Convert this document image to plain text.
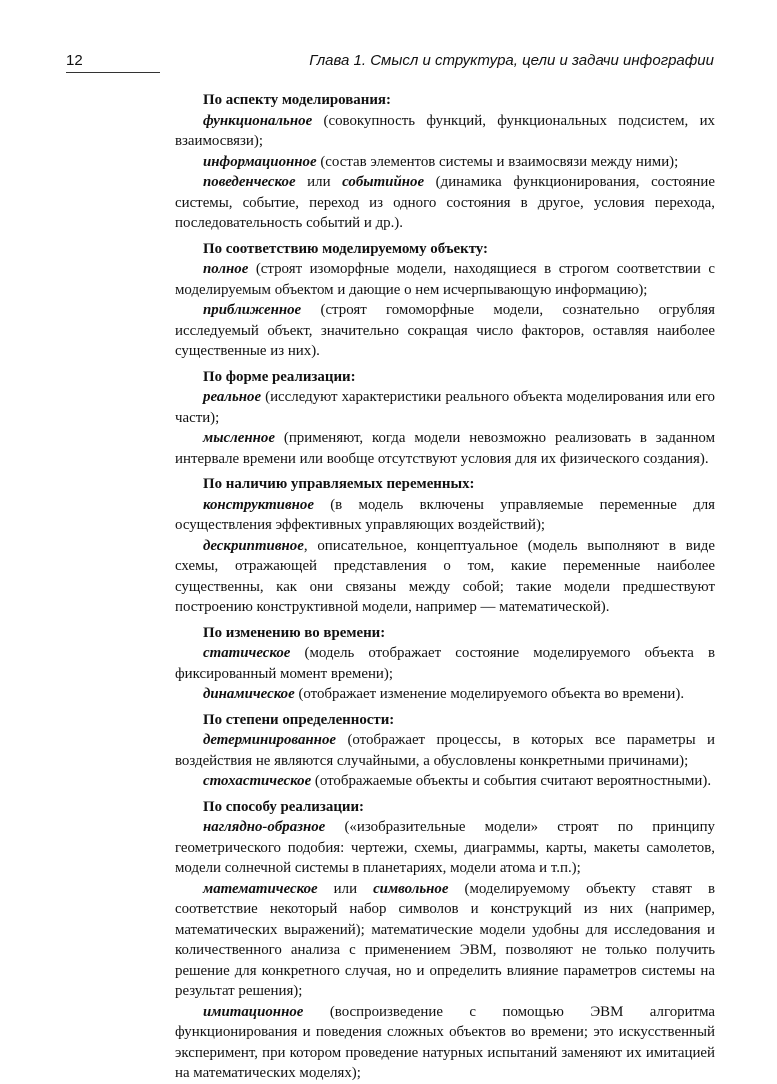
12	Глава 1. Смысл и структура, цели и задачи инфографии

По аспекту моделирования:

функциональное (совокупность функций, функциональных подсистем, их взаимосвязи);

информационное (состав элементов системы и взаимосвязи между ними);

поведенческое или событийное (динамика функционирования, состояние системы, событие, переход из одного состояния в другое, условия перехода, последовательность событий и др.).

По соответствию моделируемому объекту:

полное (строят изоморфные модели, находящиеся в строгом соответствии с моделируемым объектом и дающие о нем исчерпывающую информацию);

приближенное (строят гомоморфные модели, сознательно огрубляя исследуемый объект, значительно сокращая число факторов, оставляя наиболее существенные из них).

По форме реализации:

реальное (исследуют характеристики реального объекта моделирования или его части);

мысленное (применяют, когда модели невозможно реализовать в заданном интервале времени или вообще отсутствуют условия для их физического создания).

По наличию управляемых переменных:

конструктивное (в модель включены управляемые переменные для осуществления эффективных управляющих воздействий);

дескриптивное, описательное, концептуальное (модель выполняют в виде схемы, отражающей представления о том, какие переменные наиболее существенны, как они связаны между собой; такие модели предшествуют построению конструктивной модели, например — математической).

По изменению во времени:

статическое (модель отображает состояние моделируемого объекта в фиксированный момент времени);

динамическое (отображает изменение моделируемого объекта во времени).

По степени определенности:

детерминированное (отображает процессы, в которых все параметры и воздействия не являются случайными, а обусловлены конкретными причинами);

стохастическое (отображаемые объекты и события считают вероятностными).

По способу реализации:

наглядно-образное («изобразительные модели» строят по принципу геометрического подобия: чертежи, схемы, диаграммы, карты, макеты самолетов, модели солнечной системы в планетариях, модели атома и т.п.);

математическое или символьное (моделируемому объекту ставят в соответствие некоторый набор символов и конструкций из них (например, математических выражений); математические модели удобны для исследования и количественного анализа с применением ЭВМ, позволяют не только получить решение для конкретного случая, но и определить влияние параметров системы на результат решения);

имитационное (воспроизведение с помощью ЭВМ алгоритма функционирования и поведения сложных объектов во времени; это искусственный эксперимент, при котором проведение натурных испытаний заменяют их имитацией на математических моделях);
